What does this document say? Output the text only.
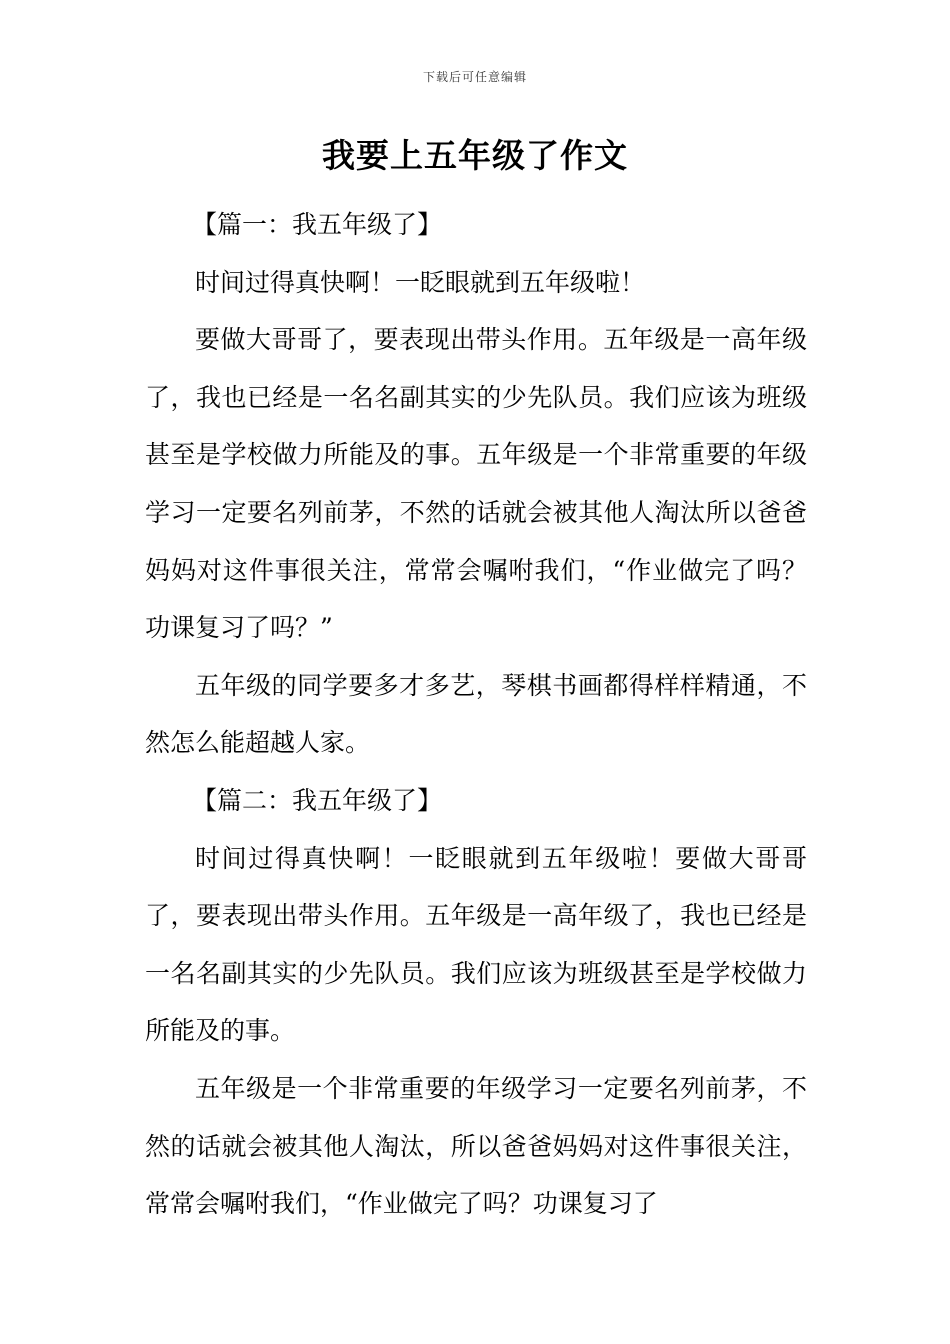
下载后可任意编辑
我要上五年级了作文

【篇一：我五年级了】

时间过得真快啊！一眨眼就到五年级啦！

要做大哥哥了，要表现出带头作用。五年级是一高年级了，我也已经是一名名副其实的少先队员。我们应该为班级甚至是学校做力所能及的事。五年级是一个非常重要的年级学习一定要名列前茅，不然的话就会被其他人淘汰所以爸爸妈妈对这件事很关注，常常会嘱咐我们，“作业做完了吗？功课复习了吗？”

五年级的同学要多才多艺，琴棋书画都得样样精通，不然怎么能超越人家。

【篇二：我五年级了】

时间过得真快啊！一眨眼就到五年级啦！要做大哥哥了，要表现出带头作用。五年级是一高年级了，我也已经是一名名副其实的少先队员。我们应该为班级甚至是学校做力所能及的事。

五年级是一个非常重要的年级学习一定要名列前茅，不然的话就会被其他人淘汰，所以爸爸妈妈对这件事很关注，常常会嘱咐我们，“作业做完了吗？功课复习了
